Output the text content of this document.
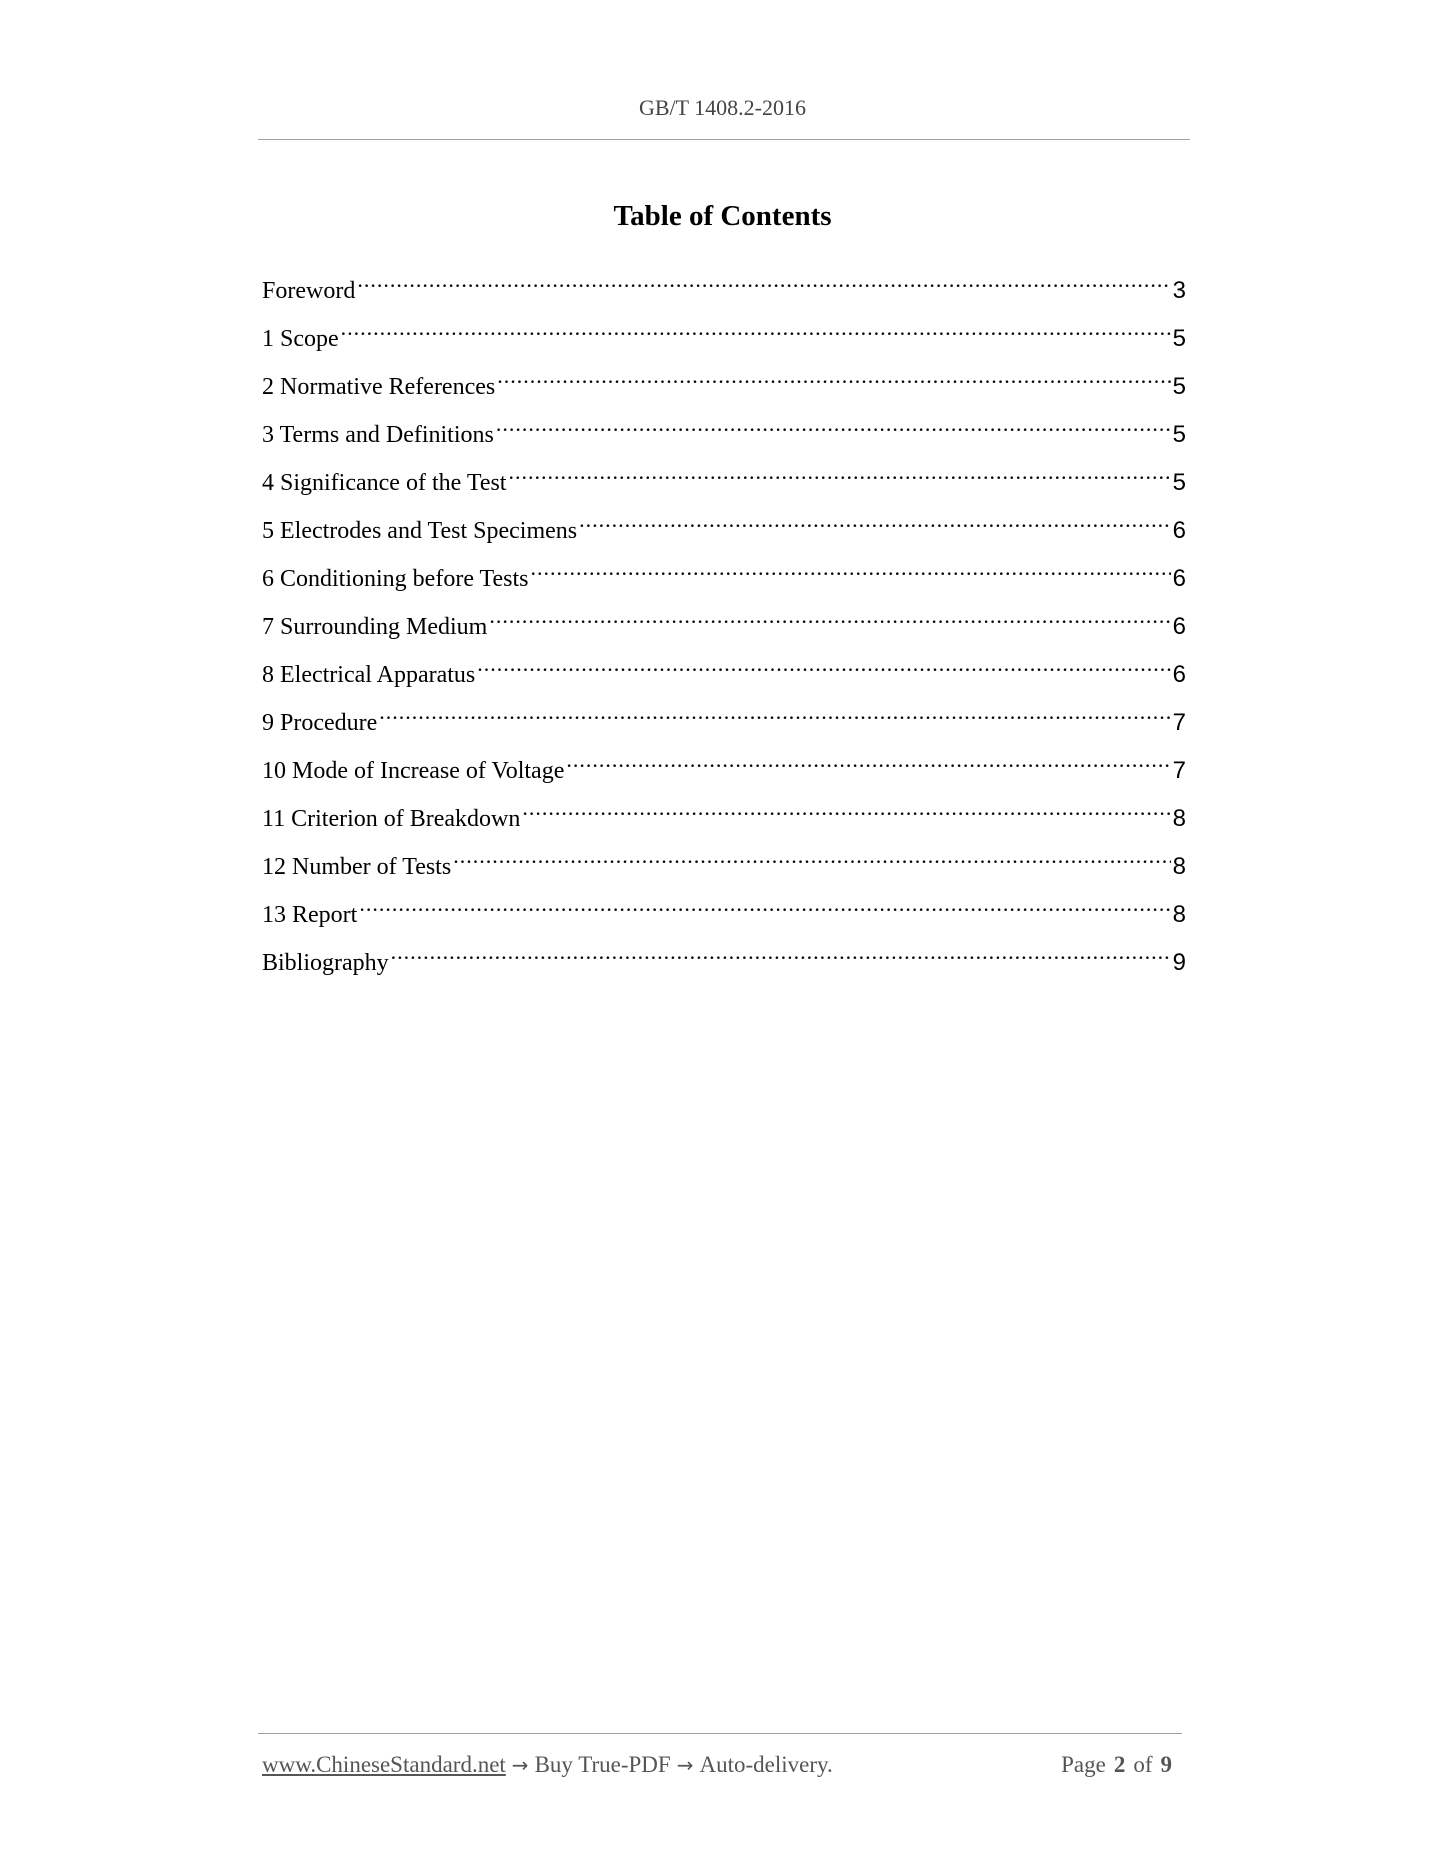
GB/T 1408.2-2016
Table of Contents
Foreword .....	3
1 Scope .....	5
2 Normative References .....	5
3 Terms and Definitions .....	5
4 Significance of the Test .....	5
5 Electrodes and Test Specimens .....	6
6 Conditioning before Tests .....	6
7 Surrounding Medium .....	6
8 Electrical Apparatus .....	6
9 Procedure .....	7
10 Mode of Increase of Voltage .....	7
11 Criterion of Breakdown .....	8
12 Number of Tests .....	8
13 Report .....	8
Bibliography .....	9
www.ChineseStandard.net → Buy True-PDF → Auto-delivery.	Page 2 of 9
